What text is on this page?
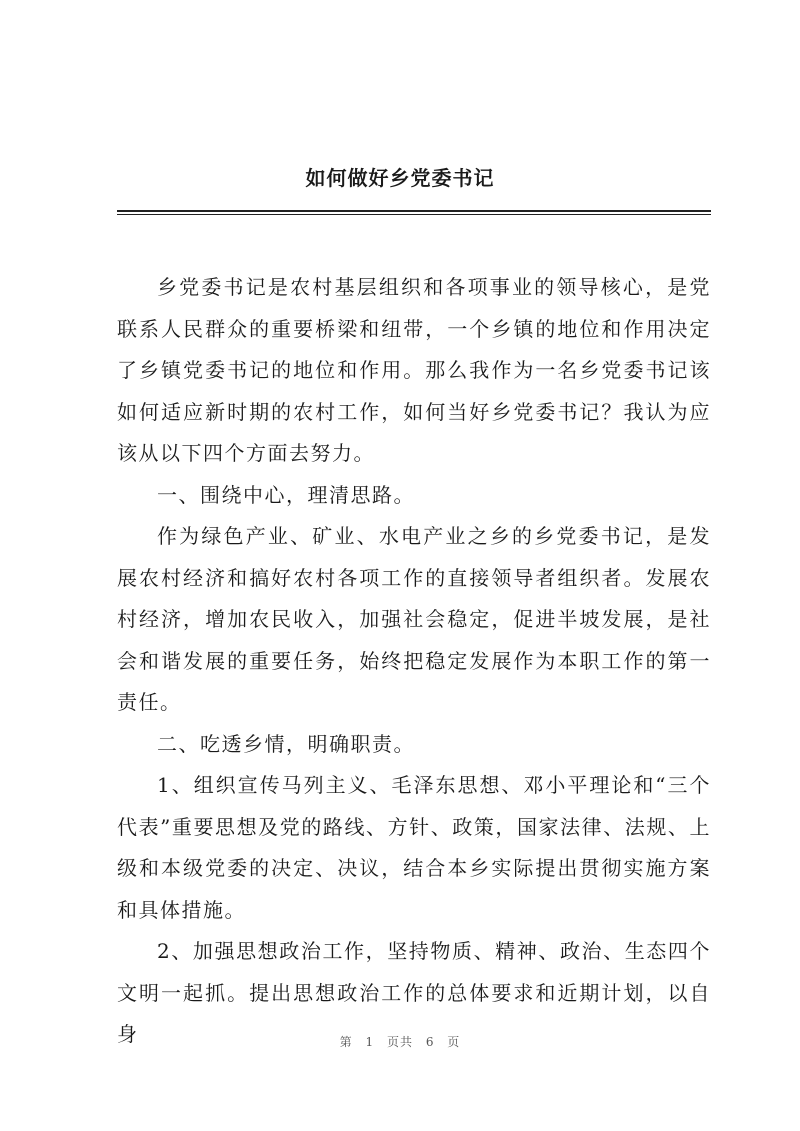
如何做好乡党委书记

乡党委书记是农村基层组织和各项事业的领导核心，是党联系人民群众的重要桥梁和纽带，一个乡镇的地位和作用决定了乡镇党委书记的地位和作用。那么我作为一名乡党委书记该如何适应新时期的农村工作，如何当好乡党委书记？我认为应该从以下四个方面去努力。

一、围绕中心，理清思路。

作为绿色产业、矿业、水电产业之乡的乡党委书记，是发展农村经济和搞好农村各项工作的直接领导者组织者。发展农村经济，增加农民收入，加强社会稳定，促进半坡发展，是社会和谐发展的重要任务，始终把稳定发展作为本职工作的第一责任。

二、吃透乡情，明确职责。

1、组织宣传马列主义、毛泽东思想、邓小平理论和“三个代表”重要思想及党的路线、方针、政策，国家法律、法规、上级和本级党委的决定、决议，结合本乡实际提出贯彻实施方案和具体措施。

2、加强思想政治工作，坚持物质、精神、政治、生态四个文明一起抓。提出思想政治工作的总体要求和近期计划，以自身	第 1 页共 6 页
